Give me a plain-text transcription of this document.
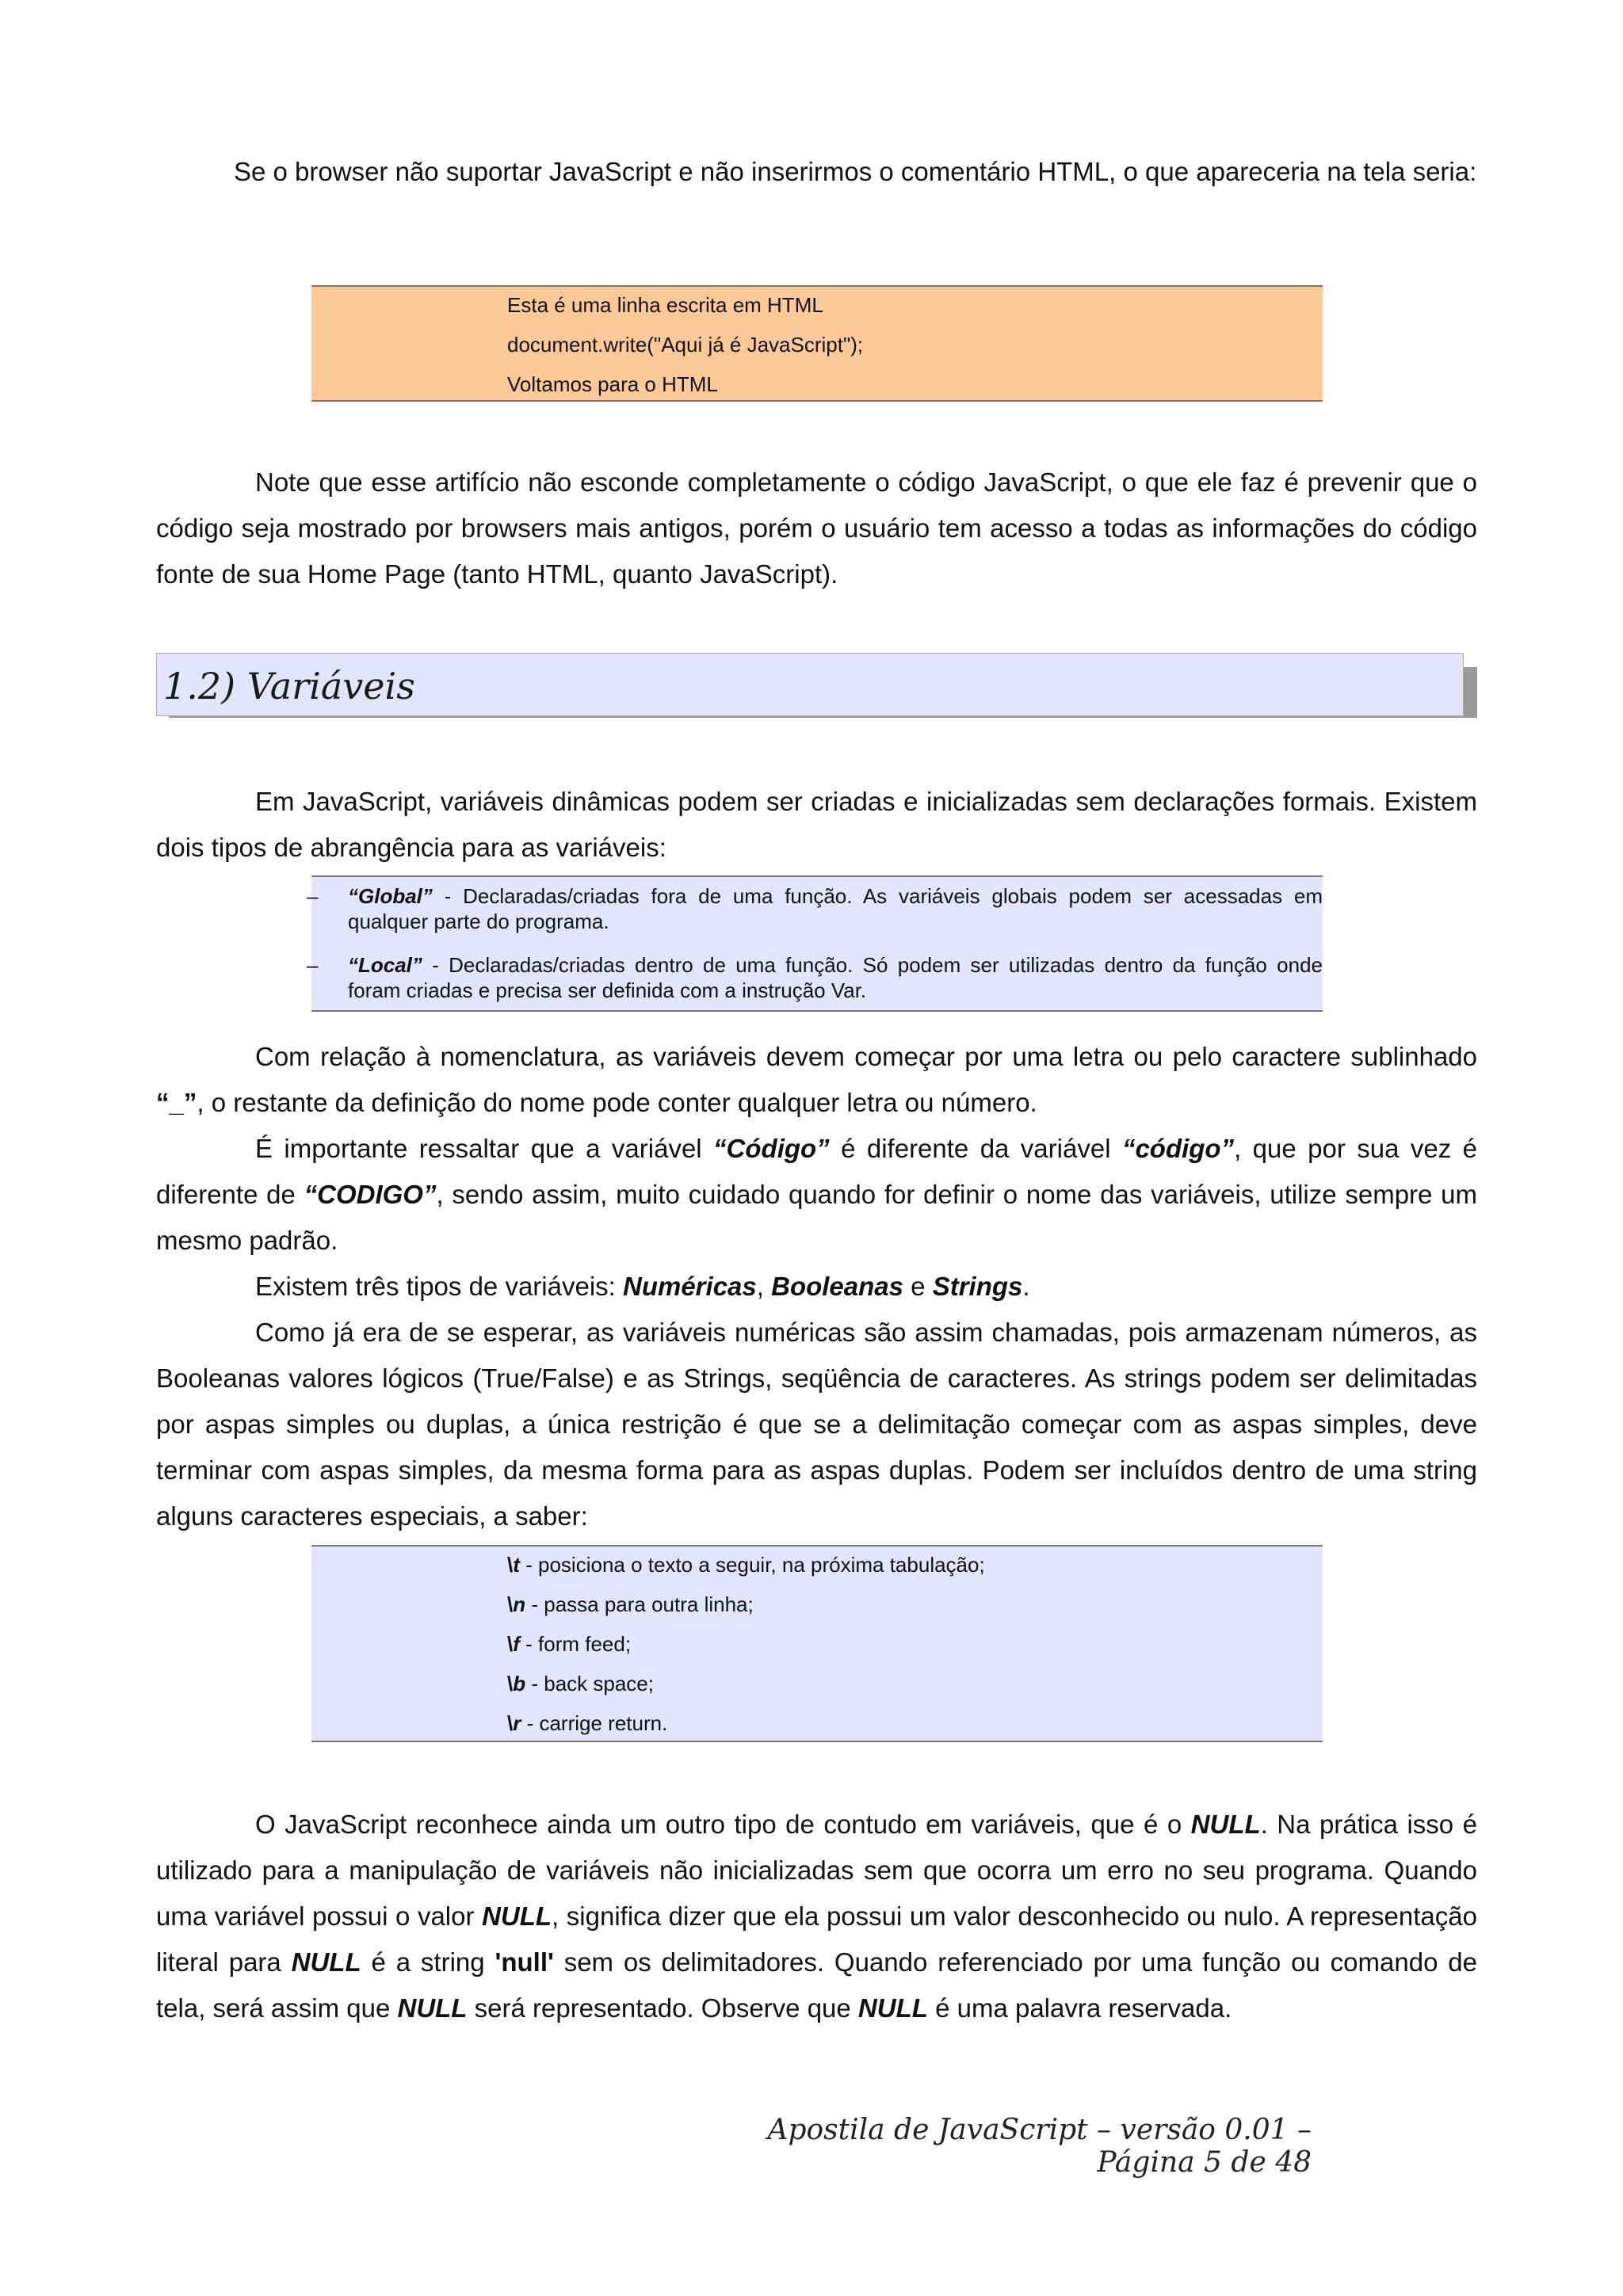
Se o browser não suportar JavaScript e não inserirmos o comentário HTML, o que apareceria na tela seria:

Esta é uma linha escrita em HTML
document.write("Aqui já é JavaScript");
Voltamos para o HTML

Note que esse artifício não esconde completamente o código JavaScript, o que ele faz é prevenir que o código seja mostrado por browsers mais antigos, porém o usuário tem acesso a todas as informações do código fonte de sua Home Page (tanto HTML, quanto JavaScript).

1.2) Variáveis

Em JavaScript, variáveis dinâmicas podem ser criadas e inicializadas sem declarações formais. Existem dois tipos de abrangência para as variáveis:

– “Global” - Declaradas/criadas fora de uma função. As variáveis globais podem ser acessadas em qualquer parte do programa.
– “Local” - Declaradas/criadas dentro de uma função. Só podem ser utilizadas dentro da função onde foram criadas e precisa ser definida com a instrução Var.

Com relação à nomenclatura, as variáveis devem começar por uma letra ou pelo caractere sublinhado “_”, o restante da definição do nome pode conter qualquer letra ou número.

É importante ressaltar que a variável “Código” é diferente da variável “código”, que por sua vez é diferente de “CODIGO”, sendo assim, muito cuidado quando for definir o nome das variáveis, utilize sempre um mesmo padrão.

Existem três tipos de variáveis: Numéricas, Booleanas e Strings.

Como já era de se esperar, as variáveis numéricas são assim chamadas, pois armazenam números, as Booleanas valores lógicos (True/False) e as Strings, seqüência de caracteres. As strings podem ser delimitadas por aspas simples ou duplas, a única restrição é que se a delimitação começar com as aspas simples, deve terminar com aspas simples, da mesma forma para as aspas duplas. Podem ser incluídos dentro de uma string alguns caracteres especiais, a saber:

\t - posiciona o texto a seguir, na próxima tabulação;
\n - passa para outra linha;
\f - form feed;
\b - back space;
\r - carrige return.

O JavaScript reconhece ainda um outro tipo de contudo em variáveis, que é o NULL. Na prática isso é utilizado para a manipulação de variáveis não inicializadas sem que ocorra um erro no seu programa. Quando uma variável possui o valor NULL, significa dizer que ela possui um valor desconhecido ou nulo. A representação literal para NULL é a string 'null' sem os delimitadores. Quando referenciado por uma função ou comando de tela, será assim que NULL será representado. Observe que NULL é uma palavra reservada.

Apostila de JavaScript – versão 0.01 – Página 5 de 48
